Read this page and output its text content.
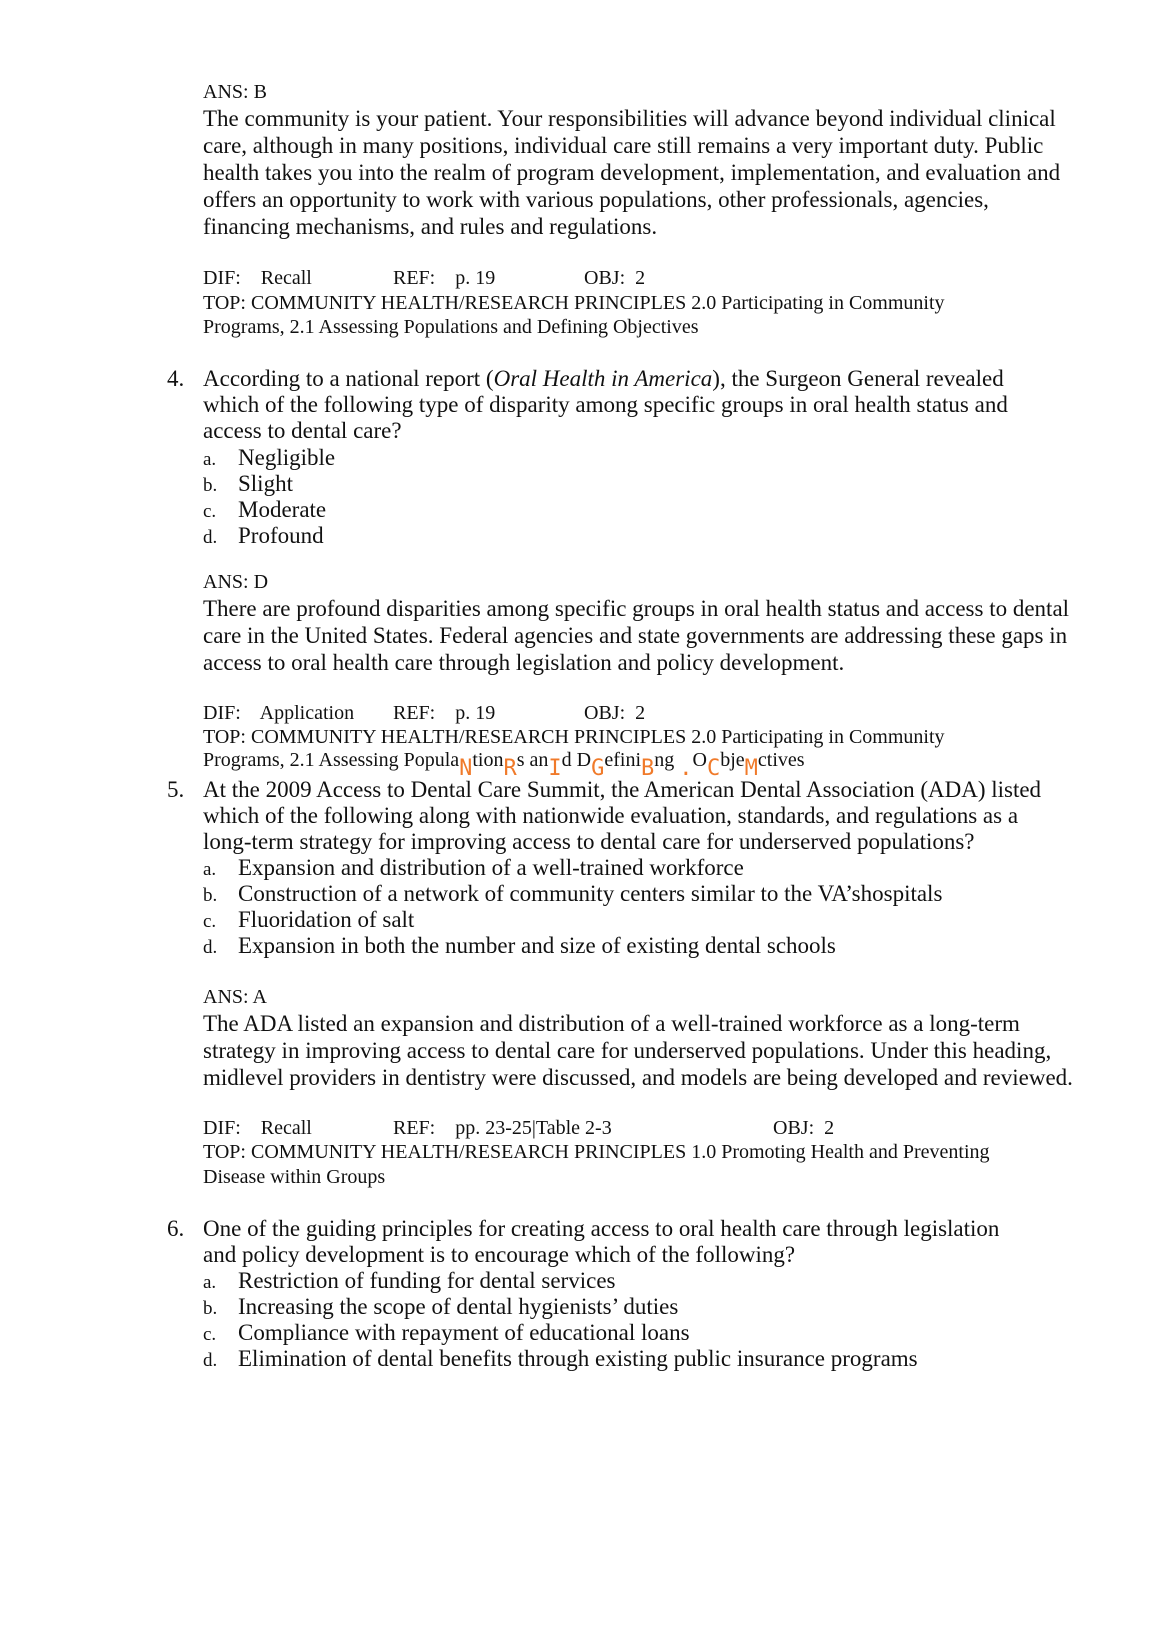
ANS: B
The community is your patient. Your responsibilities will advance beyond individual clinical
care, although in many positions, individual care still remains a very important duty. Public
health takes you into the realm of program development, implementation, and evaluation and
offers an opportunity to work with various populations, other professionals, agencies,
financing mechanisms, and rules and regulations.
DIF:    Recall	REF:    p. 19	OBJ:  2
TOP: COMMUNITY HEALTH/RESEARCH PRINCIPLES 2.0 Participating in Community
Programs, 2.1 Assessing Populations and Defining Objectives
4. According to a national report (Oral Health in America), the Surgeon General revealed
which of the following type of disparity among specific groups in oral health status and
access to dental care?
a. Negligible
b. Slight
c. Moderate
d. Profound
ANS: D
There are profound disparities among specific groups in oral health status and access to dental
care in the United States. Federal agencies and state governments are addressing these gaps in
access to oral health care through legislation and policy development.
DIF:    Application REF:    p. 19	OBJ:  2
TOP: COMMUNITY HEALTH/RESEARCH PRINCIPLES 2.0 Participating in Community
Programs, 2.1 Assessing PopulaNtionRs anId DGefiniBng .OCbjeMctives
5. At the 2009 Access to Dental Care Summit, the American Dental Association (ADA) listed
which of the following along with nationwide evaluation, standards, and regulations as a
long-term strategy for improving access to dental care for underserved populations?
a. Expansion and distribution of a well-trained workforce
b. Construction of a network of community centers similar to the VA’shospitals
c. Fluoridation of salt
d. Expansion in both the number and size of existing dental schools
ANS: A
The ADA listed an expansion and distribution of a well-trained workforce as a long-term
strategy in improving access to dental care for underserved populations. Under this heading,
midlevel providers in dentistry were discussed, and models are being developed and reviewed.
DIF:    Recall	REF:    pp. 23-25|Table 2-3	OBJ:  2
TOP: COMMUNITY HEALTH/RESEARCH PRINCIPLES 1.0 Promoting Health and Preventing
Disease within Groups
6. One of the guiding principles for creating access to oral health care through legislation
and policy development is to encourage which of the following?
a. Restriction of funding for dental services
b. Increasing the scope of dental hygienists’ duties
c. Compliance with repayment of educational loans
d. Elimination of dental benefits through existing public insurance programs
